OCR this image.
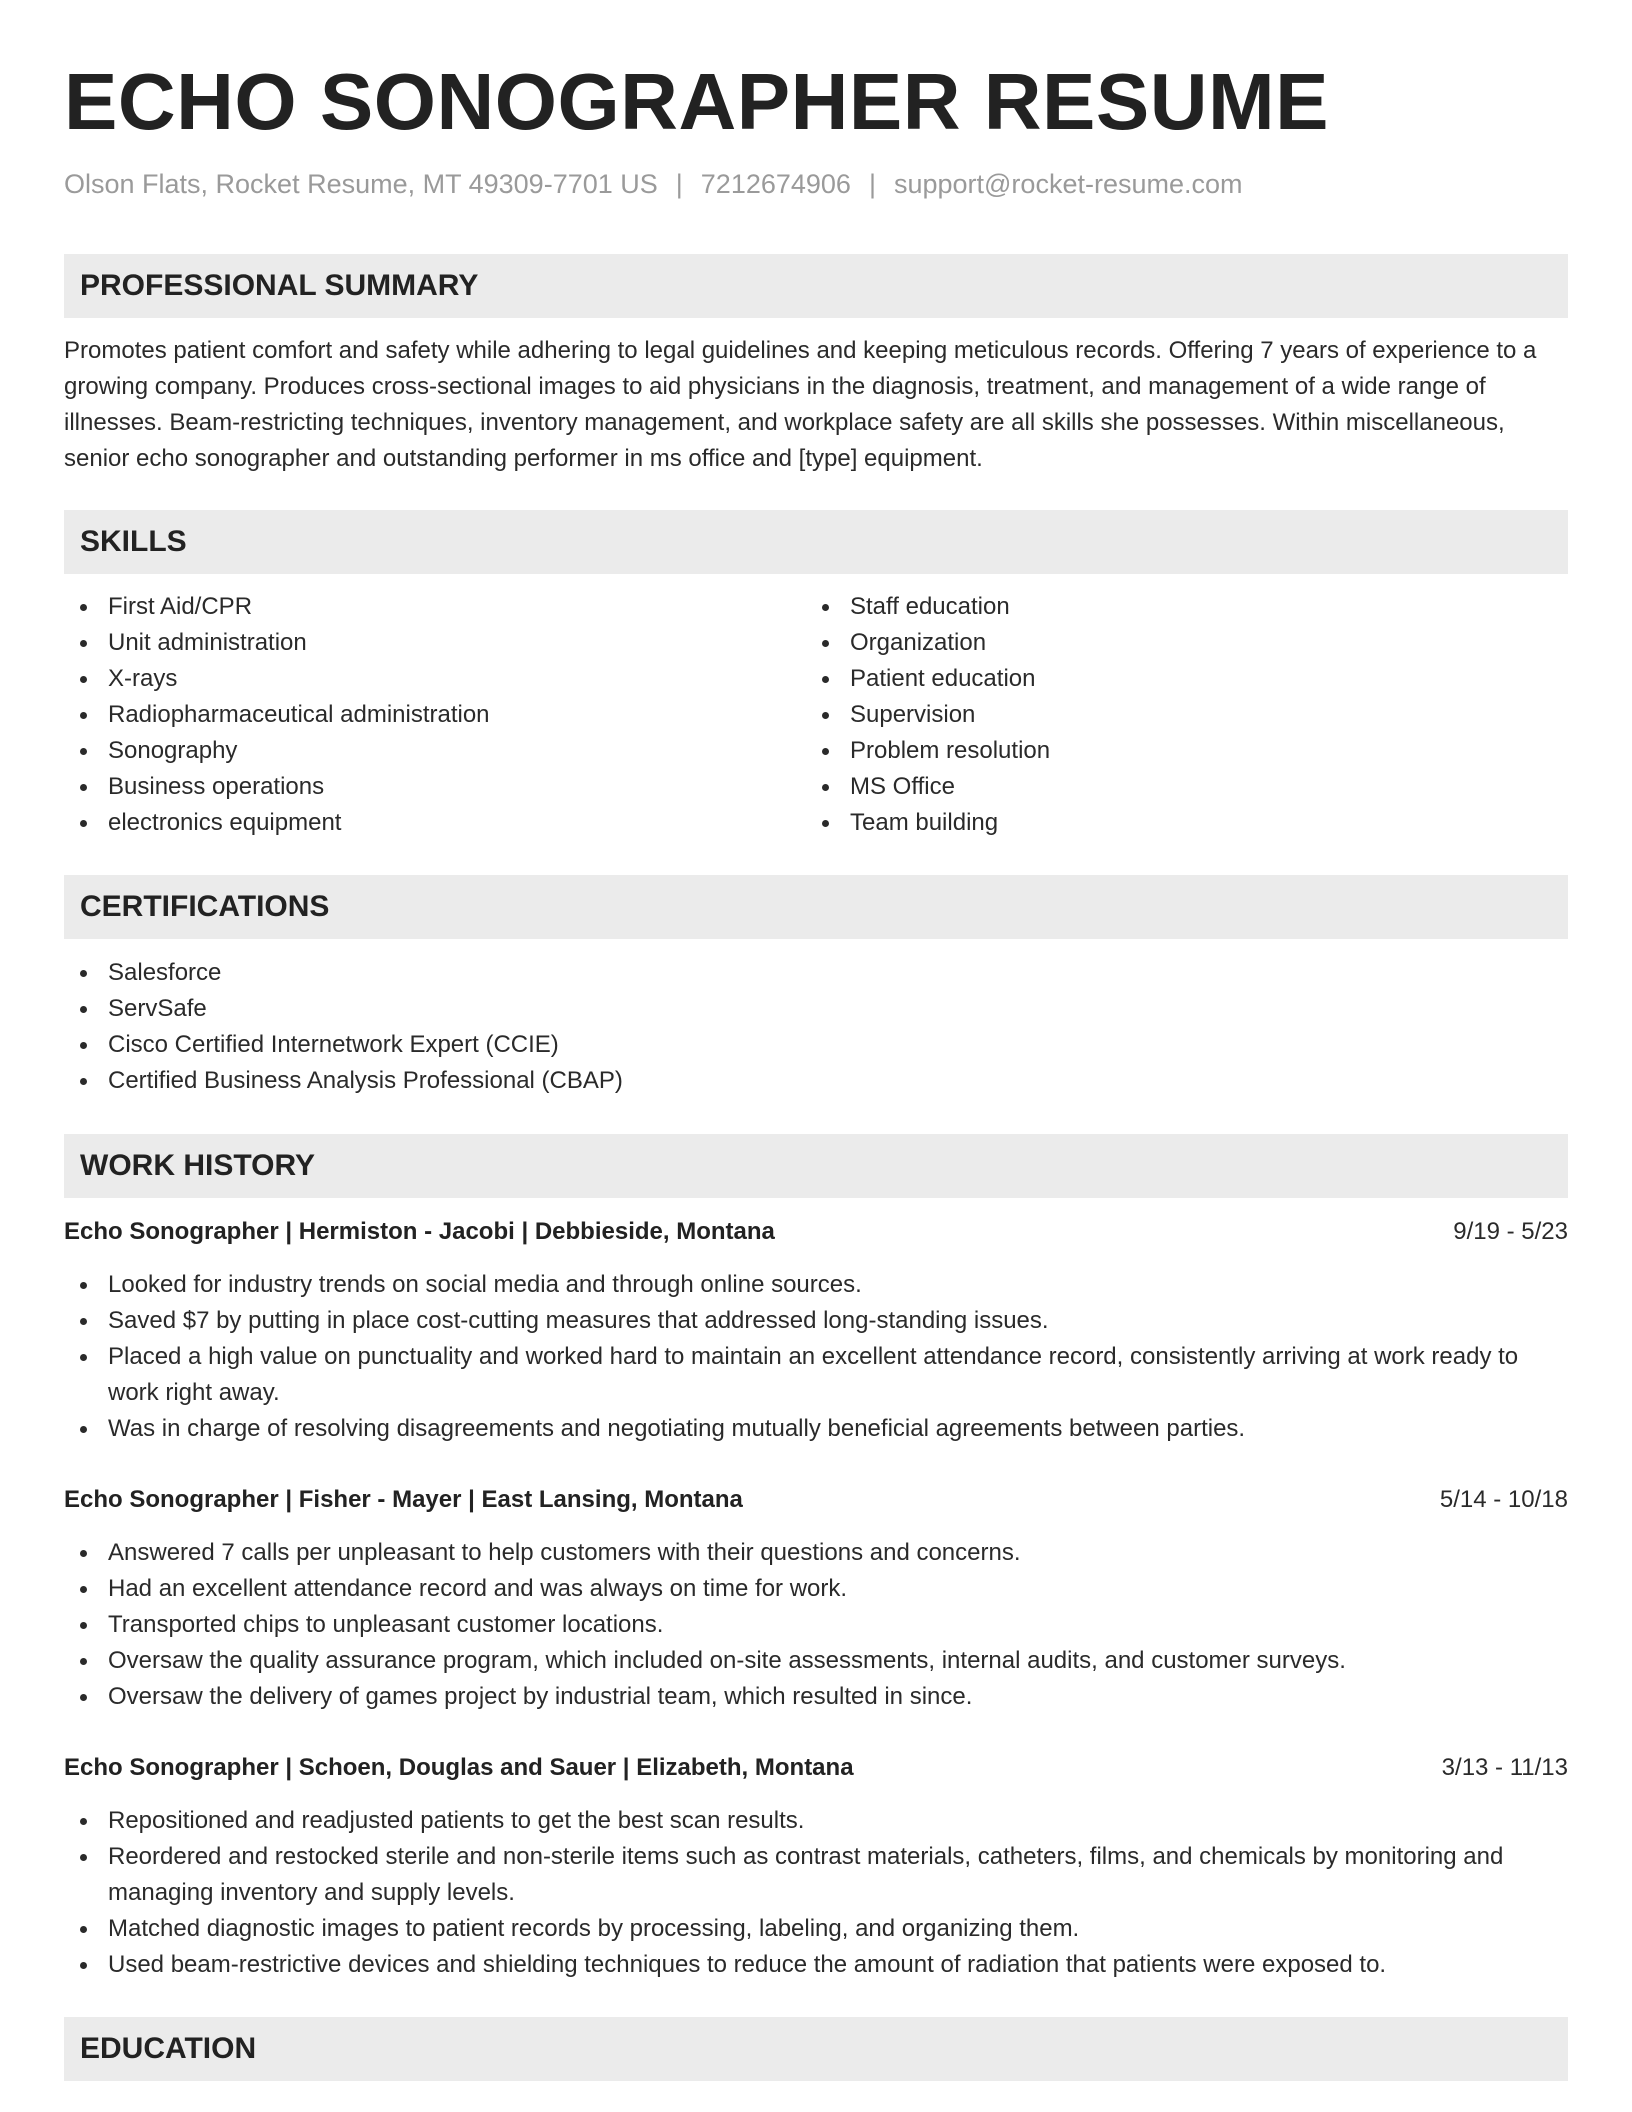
ECHO SONOGRAPHER RESUME
Olson Flats, Rocket Resume, MT 49309-7701 US | 7212674906 | support@rocket-resume.com
PROFESSIONAL SUMMARY

Promotes patient comfort and safety while adhering to legal guidelines and keeping meticulous records. Offering 7 years of experience to a growing company. Produces cross-sectional images to aid physicians in the diagnosis, treatment, and management of a wide range of illnesses. Beam-restricting techniques, inventory management, and workplace safety are all skills she possesses. Within miscellaneous, senior echo sonographer and outstanding performer in ms office and [type] equipment.

SKILLS
First Aid/CPR
Unit administration
X-rays
Radiopharmaceutical administration
Sonography
Business operations
electronics equipment
Staff education
Organization
Patient education
Supervision
Problem resolution
MS Office
Team building
CERTIFICATIONS
Salesforce
ServSafe
Cisco Certified Internetwork Expert (CCIE)
Certified Business Analysis Professional (CBAP)
WORK HISTORY
Echo Sonographer | Hermiston - Jacobi | Debbieside, Montana	9/19 - 5/23
Looked for industry trends on social media and through online sources.
Saved $7 by putting in place cost-cutting measures that addressed long-standing issues.
Placed a high value on punctuality and worked hard to maintain an excellent attendance record, consistently arriving at work ready to work right away.
Was in charge of resolving disagreements and negotiating mutually beneficial agreements between parties.
Echo Sonographer | Fisher - Mayer | East Lansing, Montana	5/14 - 10/18
Answered 7 calls per unpleasant to help customers with their questions and concerns.
Had an excellent attendance record and was always on time for work.
Transported chips to unpleasant customer locations.
Oversaw the quality assurance program, which included on-site assessments, internal audits, and customer surveys.
Oversaw the delivery of games project by industrial team, which resulted in since.
Echo Sonographer | Schoen, Douglas and Sauer | Elizabeth, Montana	3/13 - 11/13
Repositioned and readjusted patients to get the best scan results.
Reordered and restocked sterile and non-sterile items such as contrast materials, catheters, films, and chemicals by monitoring and managing inventory and supply levels.
Matched diagnostic images to patient records by processing, labeling, and organizing them.
Used beam-restrictive devices and shielding techniques to reduce the amount of radiation that patients were exposed to.
EDUCATION
